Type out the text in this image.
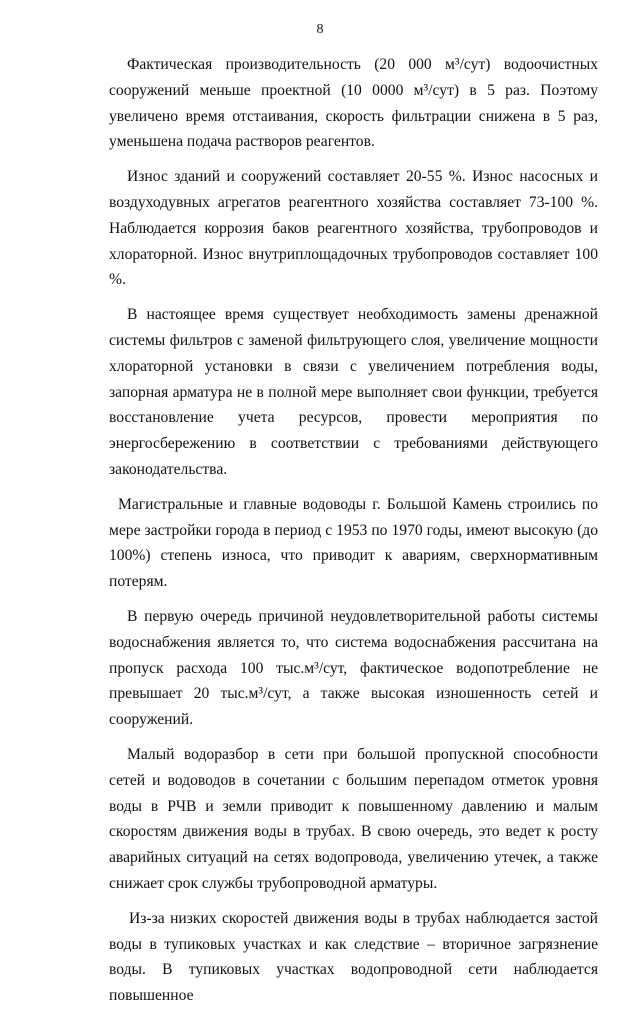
8

Фактическая производительность (20 000 м³/сут) водоочистных сооружений меньше проектной (10 0000 м³/сут) в 5 раз. Поэтому увеличено время отстаивания, скорость фильтрации снижена в 5 раз, уменьшена подача растворов реагентов.

Износ зданий и сооружений составляет 20-55 %. Износ насосных и воздуходувных агрегатов реагентного хозяйства составляет 73-100 %. Наблюдается коррозия баков реагентного хозяйства, трубопроводов и хлораторной. Износ внутриплощадочных трубопроводов составляет 100 %.

В настоящее время существует необходимость замены дренажной системы фильтров с заменой фильтрующего слоя, увеличение мощности хлораторной установки в связи с увеличением потребления воды, запорная арматура не в полной мере выполняет свои функции, требуется восстановление учета ресурсов, провести мероприятия по энергосбережению в соответствии с требованиями действующего законодательства.

Магистральные и главные водоводы г. Большой Камень строились по мере застройки города в период с 1953 по 1970 годы, имеют высокую (до 100%) степень износа, что приводит к авариям, сверхнормативным потерям.

В первую очередь причиной неудовлетворительной работы системы водоснабжения является то, что система водоснабжения рассчитана на пропуск расхода 100 тыс.м³/сут, фактическое водопотребление не превышает 20 тыс.м³/сут, а также высокая изношенность сетей и сооружений.

Малый водоразбор в сети при большой пропускной способности сетей и водоводов в сочетании с большим перепадом отметок уровня воды в РЧВ и земли приводит к повышенному давлению и малым скоростям движения воды в трубах. В свою очередь, это ведет к росту аварийных ситуаций на сетях водопровода, увеличению утечек, а также снижает срок службы трубопроводной арматуры.

Из-за низких скоростей движения воды в трубах наблюдается застой воды в тупиковых участках и как следствие – вторичное загрязнение воды. В тупиковых участках водопроводной сети наблюдается повышенное
